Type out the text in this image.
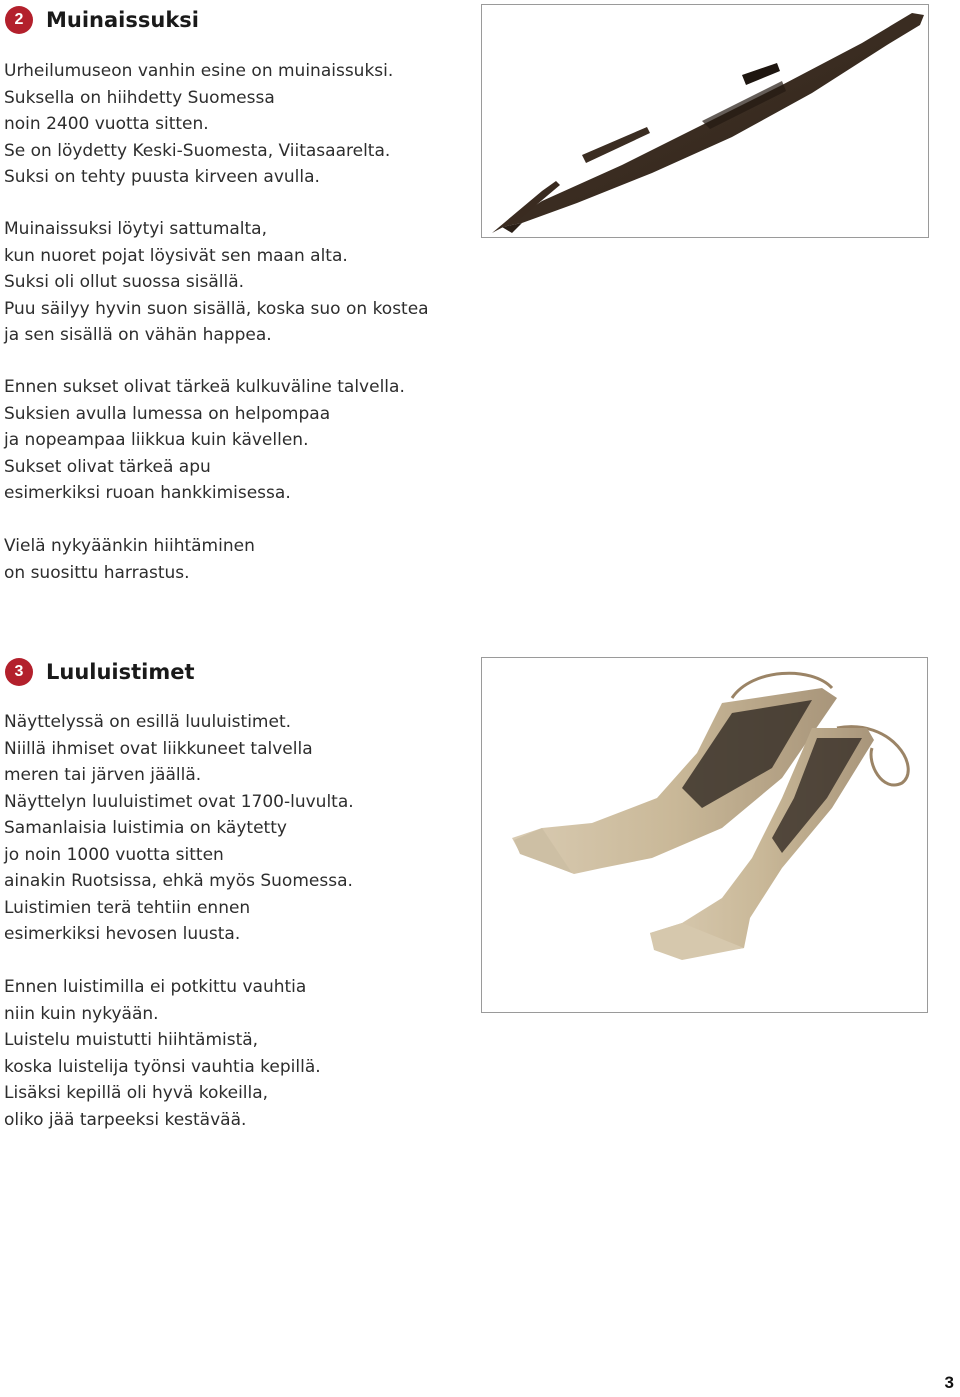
2	Muinaissuksi

Urheilumuseon vanhin esine on muinaissuksi.
Suksella on hiihdetty Suomessa
noin 2400 vuotta sitten.
Se on löydetty Keski-Suomesta, Viitasaarelta.
Suksi on tehty puusta kirveen avulla.

Muinaissuksi löytyi sattumalta,
kun nuoret pojat löysivät sen maan alta.
Suksi oli ollut suossa sisällä.
Puu säilyy hyvin suon sisällä, koska suo on kostea
ja sen sisällä on vähän happea.

Ennen sukset olivat tärkeä kulkuväline talvella.
Suksien avulla lumessa on helpompaa
ja nopeampaa liikkua kuin kävellen.
Sukset olivat tärkeä apu
esimerkiksi ruoan hankkimisessa.

Vielä nykyäänkin hiihtäminen
on suosittu harrastus.

3	Luuluistimet

Näyttelyssä on esillä luuluistimet.
Niillä ihmiset ovat liikkuneet talvella
meren tai järven jäällä.
Näyttelyn luuluistimet ovat 1700-luvulta.
Samanlaisia luistimia on käytetty
jo noin 1000 vuotta sitten
ainakin Ruotsissa, ehkä myös Suomessa.
Luistimien terä tehtiin ennen
esimerkiksi hevosen luusta.

Ennen luistimilla ei potkittu vauhtia
niin kuin nykyään.
Luistelu muistutti hiihtämistä,
koska luistelija työnsi vauhtia kepillä.
Lisäksi kepillä oli hyvä kokeilla,
oliko jää tarpeeksi kestävää.

3
